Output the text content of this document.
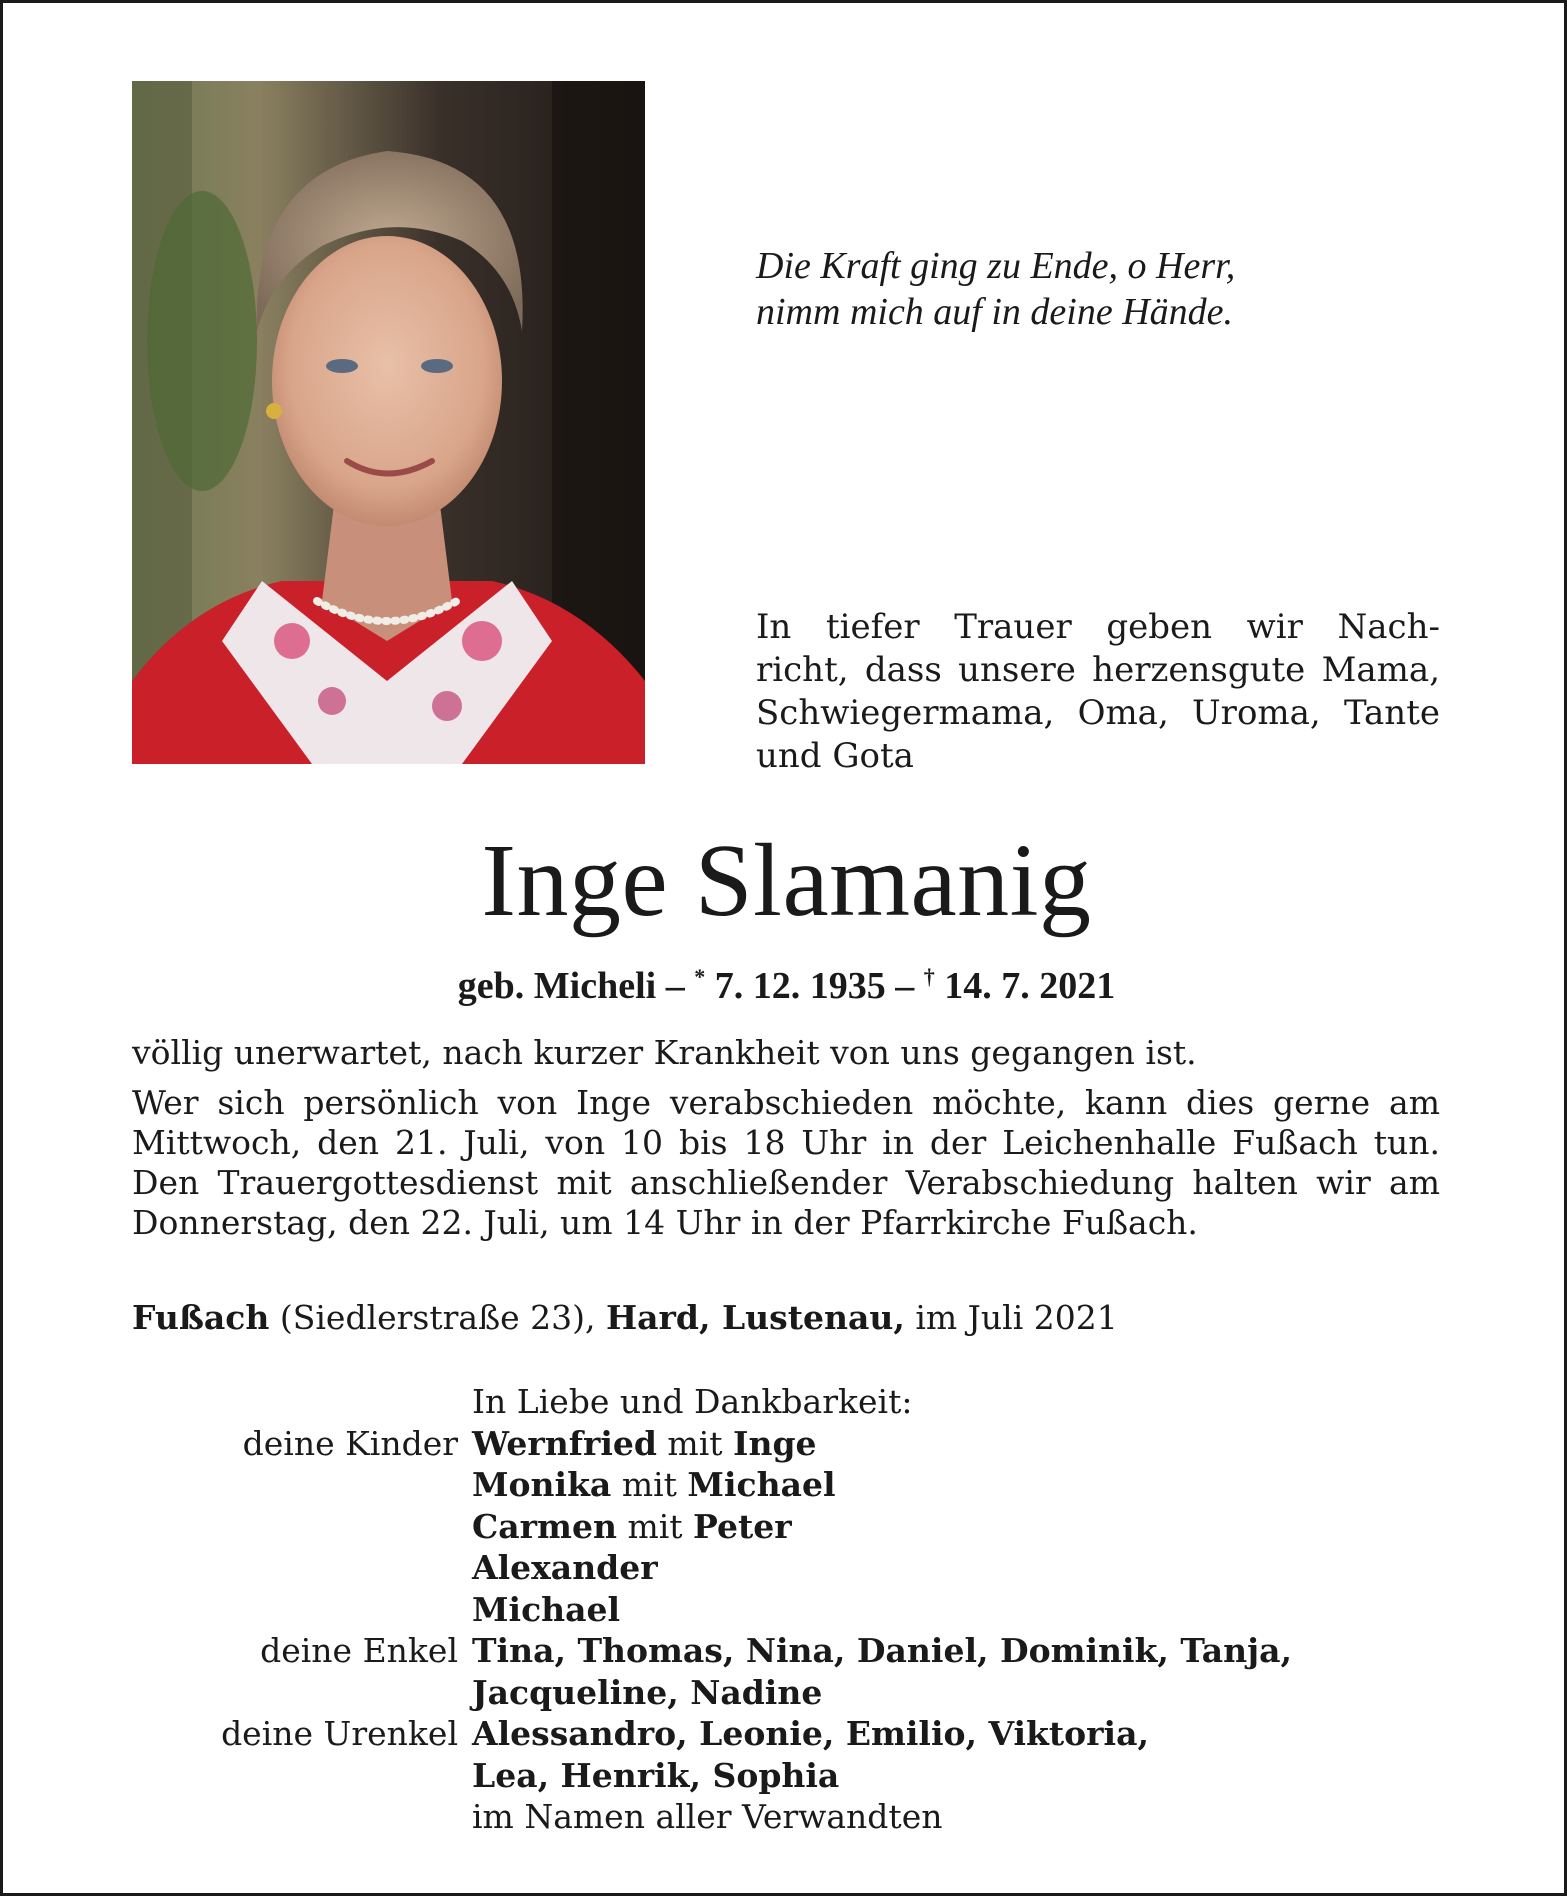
Die Kraft ging zu Ende, o Herr,
nimm mich auf in deine Hände.
In tiefer Trauer geben wir Nach-
richt, dass unsere herzensgute Mama,
Schwiegermama, Oma, Uroma, Tante
und Gota
Inge Slamanig
geb. Micheli – * 7. 12. 1935 – † 14. 7. 2021

völlig unerwartet, nach kurzer Krankheit von uns gegangen ist.

Wer sich persönlich von Inge verabschieden möchte, kann dies gerne am
Mittwoch, den 21. Juli, von 10 bis 18 Uhr in der Leichenhalle Fußach tun.
Den Trauergottesdienst mit anschließender Verabschiedung halten wir am
Donnerstag, den 22. Juli, um 14 Uhr in der Pfarrkirche Fußach.

Fußach (Siedlerstraße 23), Hard, Lustenau, im Juli 2021
In Liebe und Dankbarkeit:
deine Kinder Wernfried mit Inge
Monika mit Michael
Carmen mit Peter
Alexander
Michael
deine Enkel Tina, Thomas, Nina, Daniel, Dominik, Tanja,
Jacqueline, Nadine
deine Urenkel Alessandro, Leonie, Emilio, Viktoria,
Lea, Henrik, Sophia
im Namen aller Verwandten
